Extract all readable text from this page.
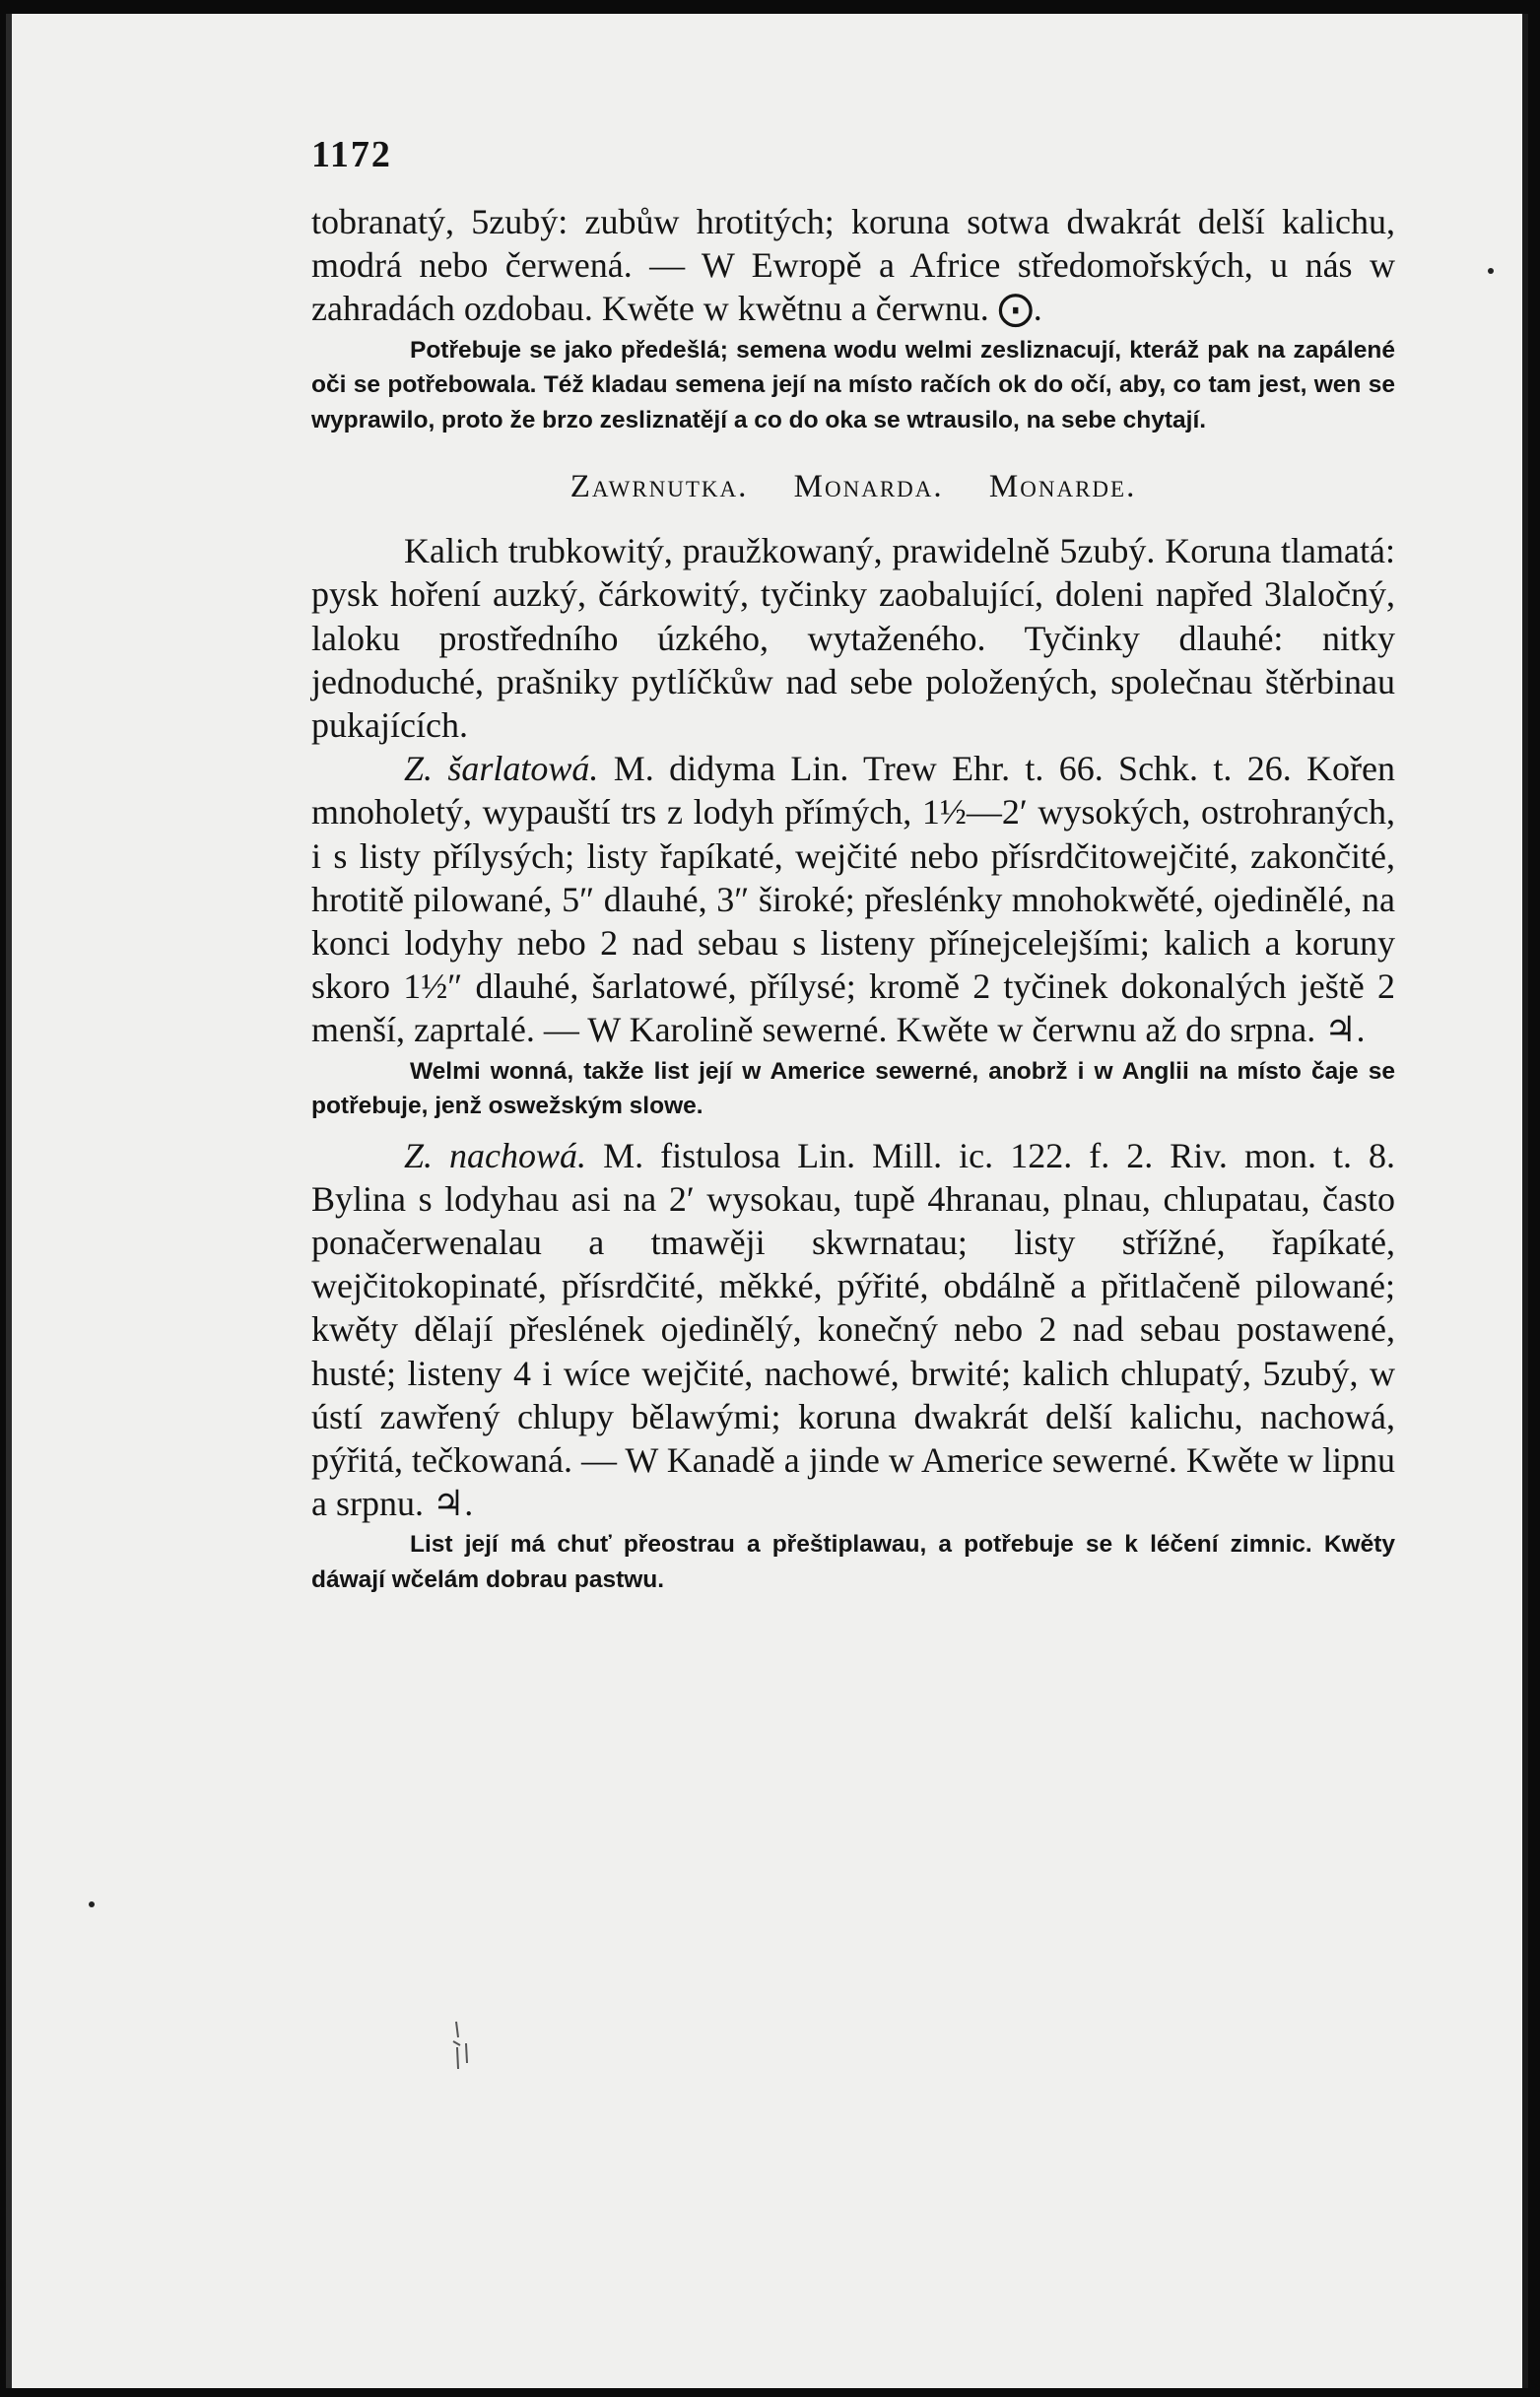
1172

tobranatý, 5zubý: zubůw hrotitých; koruna sotwa dwakrát delší kalichu, modrá nebo čerwená. — W Ewropě a Africe středomořských, u nás w zahradách ozdobau. Kwěte w kwětnu a čerwnu. ⨀.

Potřebuje se jako předešlá; semena wodu welmi zesliznacují, kteráž pak na zapálené oči se potřebowala. Též kladau semena její na místo račích ok do očí, aby, co tam jest, wen se wyprawilo, proto že brzo zesliznatějí a co do oka se wtrausilo, na sebe chytají.

Zawrnutka. Monarda. Monarde.

Kalich trubkowitý, praužkowaný, prawidelně 5zubý. Koruna tlamatá: pysk hoření auzký, čárkowitý, tyčinky zaobalující, doleni napřed 3laločný, laloku prostředního úzkého, wytaženého. Tyčinky dlauhé: nitky jednoduché, prašniky pytlíčkůw nad sebe položených, společnau štěrbinau pukajících.

Z. šarlatowá. M. didyma Lin. Trew Ehr. t. 66. Schk. t. 26. Kořen mnoholetý, wypauští trs z lodyh přímých, 1½—2′ wysokých, ostrohraných, i s listy přílysých; listy řapíkaté, wejčité nebo přísrdčitowejčité, zakončité, hrotitě pilowané, 5″ dlauhé, 3″ široké; přeslénky mnohokwěté, ojedinělé, na konci lodyhy nebo 2 nad sebau s listeny přínejcelejšími; kalich a koruny skoro 1½″ dlauhé, šarlatowé, přílysé; kromě 2 tyčinek dokonalých ještě 2 menší, zaprtalé. — W Karolině sewerné. Kwěte w čerwnu až do srpna. ♃.

Welmi wonná, takže list její w Americe sewerné, anobrž i w Anglii na místo čaje se potřebuje, jenž oswežským slowe.

Z. nachowá. M. fistulosa Lin. Mill. ic. 122. f. 2. Riv. mon. t. 8. Bylina s lodyhau asi na 2′ wysokau, tupě 4hranau, plnau, chlupatau, často ponačerwenalau a tmawěji skwrnatau; listy střížné, řapíkaté, wejčitokopinaté, přísrdčité, měkké, pýřité, obdálně a přitlačeně pilowané; kwěty dělají přeslének ojedinělý, konečný nebo 2 nad sebau postawené, husté; listeny 4 i wíce wejčité, nachowé, brwité; kalich chlupatý, 5zubý, w ústí zawřený chlupy bělawými; koruna dwakrát delší kalichu, nachowá, pýřitá, tečkowaná. — W Kanadě a jinde w Americe sewerné. Kwěte w lipnu a srpnu. ♃.

List její má chuť přeostrau a přeštiplawau, a potřebuje se k léčení zimnic. Kwěty dáwají wčelám dobrau pastwu.
